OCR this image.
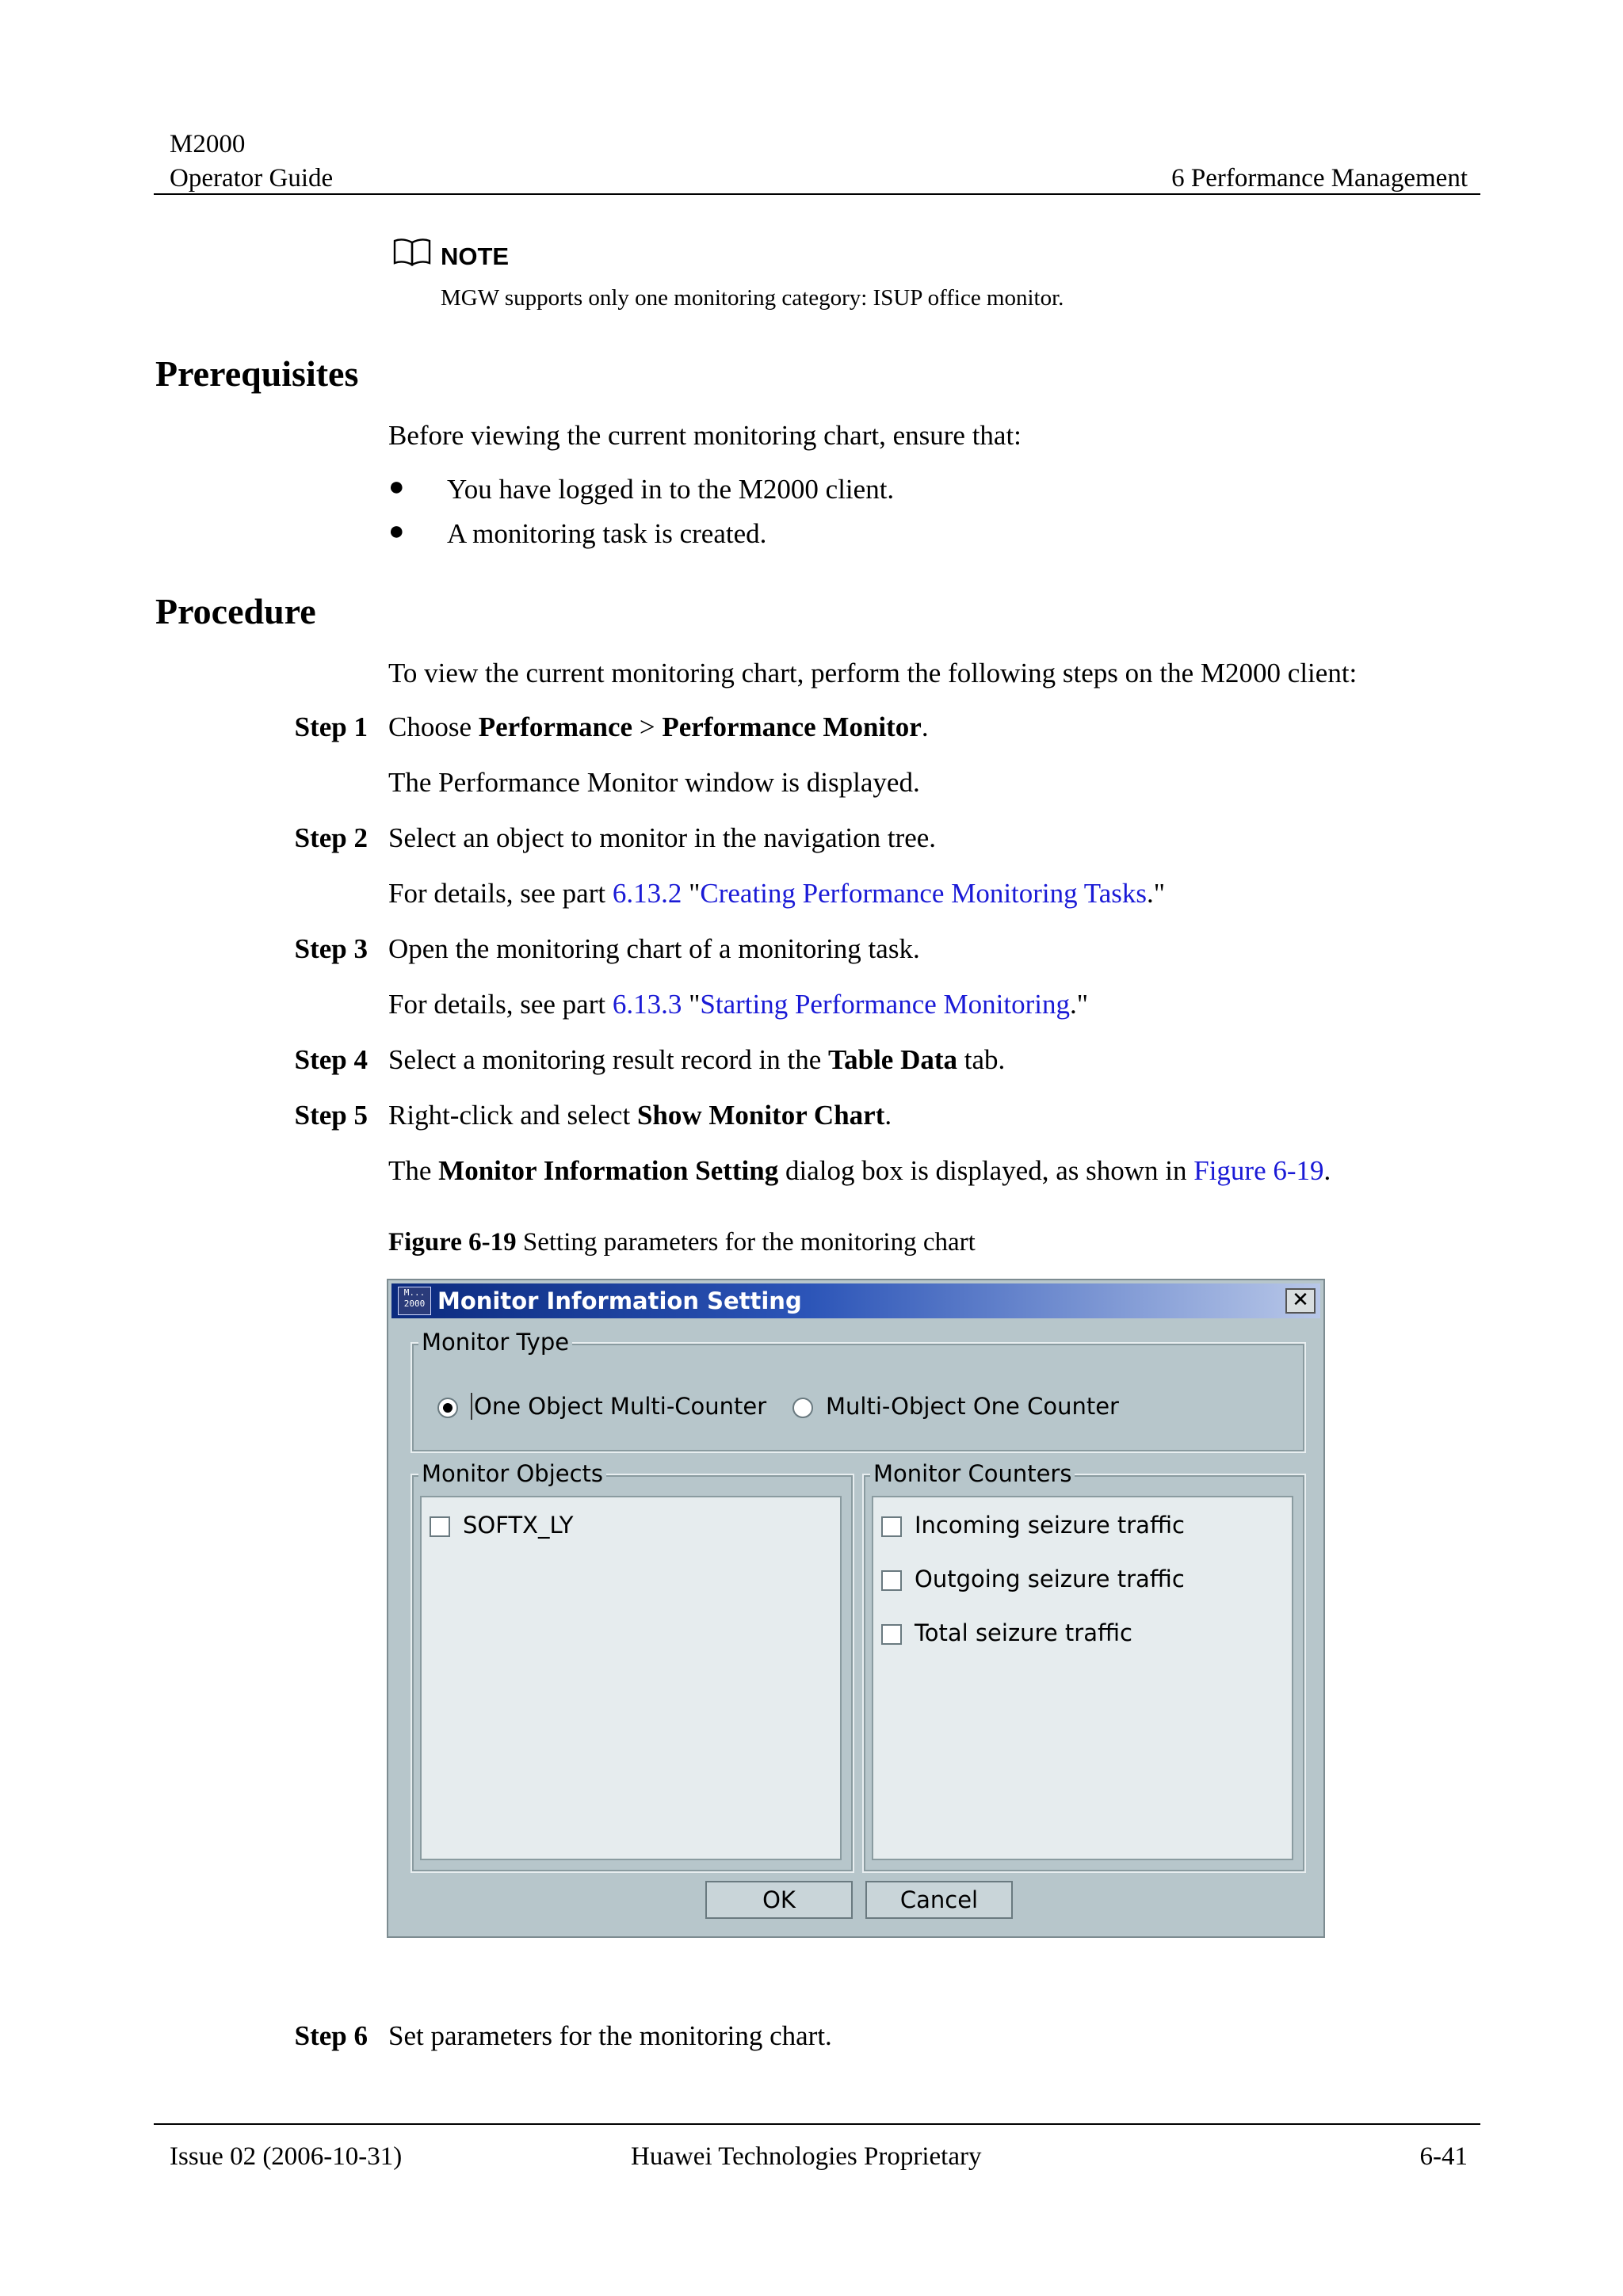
M2000
Operator Guide	6 Performance Management
NOTE
MGW supports only one monitoring category: ISUP office monitor.
Prerequisites
Before viewing the current monitoring chart, ensure that:
● You have logged in to the M2000 client.
● A monitoring task is created.
Procedure
To view the current monitoring chart, perform the following steps on the M2000 client:
Step 1 Choose Performance > Performance Monitor.
The Performance Monitor window is displayed.
Step 2 Select an object to monitor in the navigation tree.
For details, see part 6.13.2 "Creating Performance Monitoring Tasks."
Step 3 Open the monitoring chart of a monitoring task.
For details, see part 6.13.3 "Starting Performance Monitoring."
Step 4 Select a monitoring result record in the Table Data tab.
Step 5 Right-click and select Show Monitor Chart.
The Monitor Information Setting dialog box is displayed, as shown in Figure 6-19.
Figure 6-19 Setting parameters for the monitoring chart
M...
2000 Monitor Information Setting	✕
Monitor Type
One Object Multi-Counter	Multi-Object One Counter
Monitor Objects
SOFTX_LY
Monitor Counters
Incoming seizure traffic
Outgoing seizure traffic
Total seizure traffic
OK	Cancel
Step 6 Set parameters for the monitoring chart.
Issue 02 (2006-10-31)	Huawei Technologies Proprietary	6-41
